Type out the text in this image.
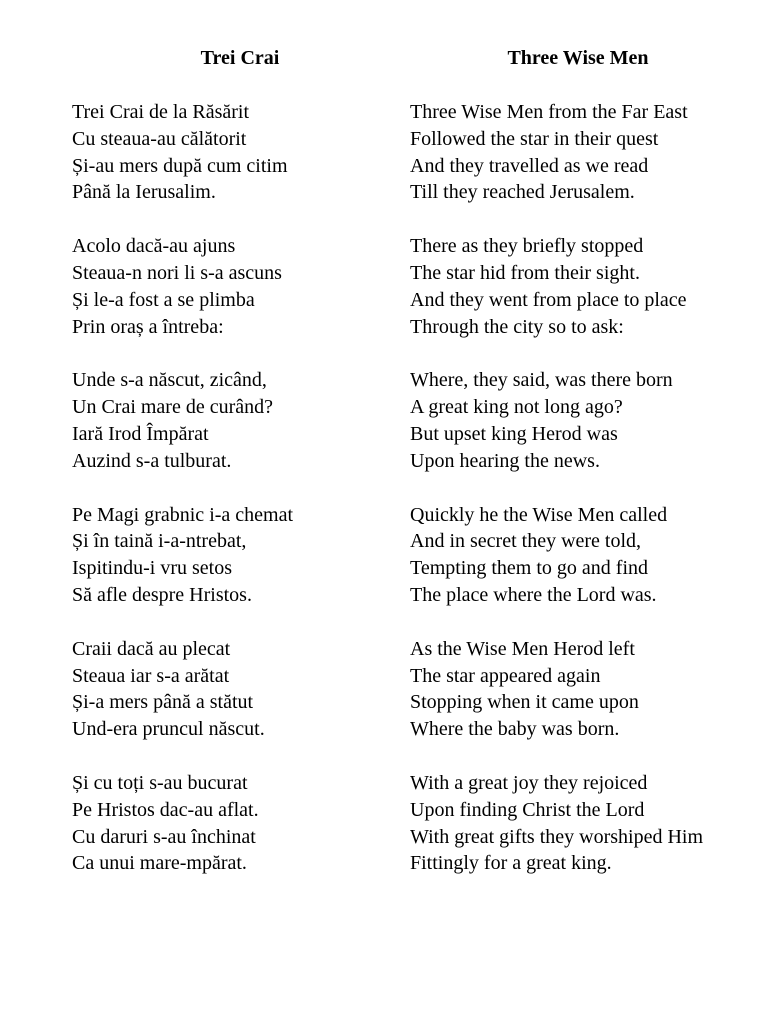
Trei Crai
Trei Crai de la Răsărit
Cu steaua-au călătorit
Și-au mers după cum citim
Până la Ierusalim.
Acolo dacă-au ajuns
Steaua-n nori li s-a ascuns
Și le-a fost a se plimba
Prin oraș a întreba:
Unde s-a născut, zicând,
Un Crai mare de curând?
Iară Irod Împărat
Auzind s-a tulburat.
Pe Magi grabnic i-a chemat
Și în taină i-a-ntrebat,
Ispitindu-i vru setos
Să afle despre Hristos.
Craii dacă au plecat
Steaua iar s-a arătat
Și-a mers până a stătut
Und-era pruncul născut.
Și cu toți s-au bucurat
Pe Hristos dac-au aflat.
Cu daruri s-au închinat
Ca unui mare-mpărat.
Three Wise Men
Three Wise Men from the Far East
Followed the star in their quest
And they travelled as we read
Till they reached Jerusalem.
There as they briefly stopped
The star hid from their sight.
And they went from place to place
Through the city so to ask:
Where, they said, was there born
A great king not long ago?
But upset king Herod was
Upon hearing the news.
Quickly he the Wise Men called
And in secret they were told,
Tempting them to go and find
The place where the Lord was.
As the Wise Men Herod left
The star appeared again
Stopping when it came upon
Where the baby was born.
With a great joy they rejoiced
Upon finding Christ the Lord
With great gifts they worshiped Him
Fittingly for a great king.
